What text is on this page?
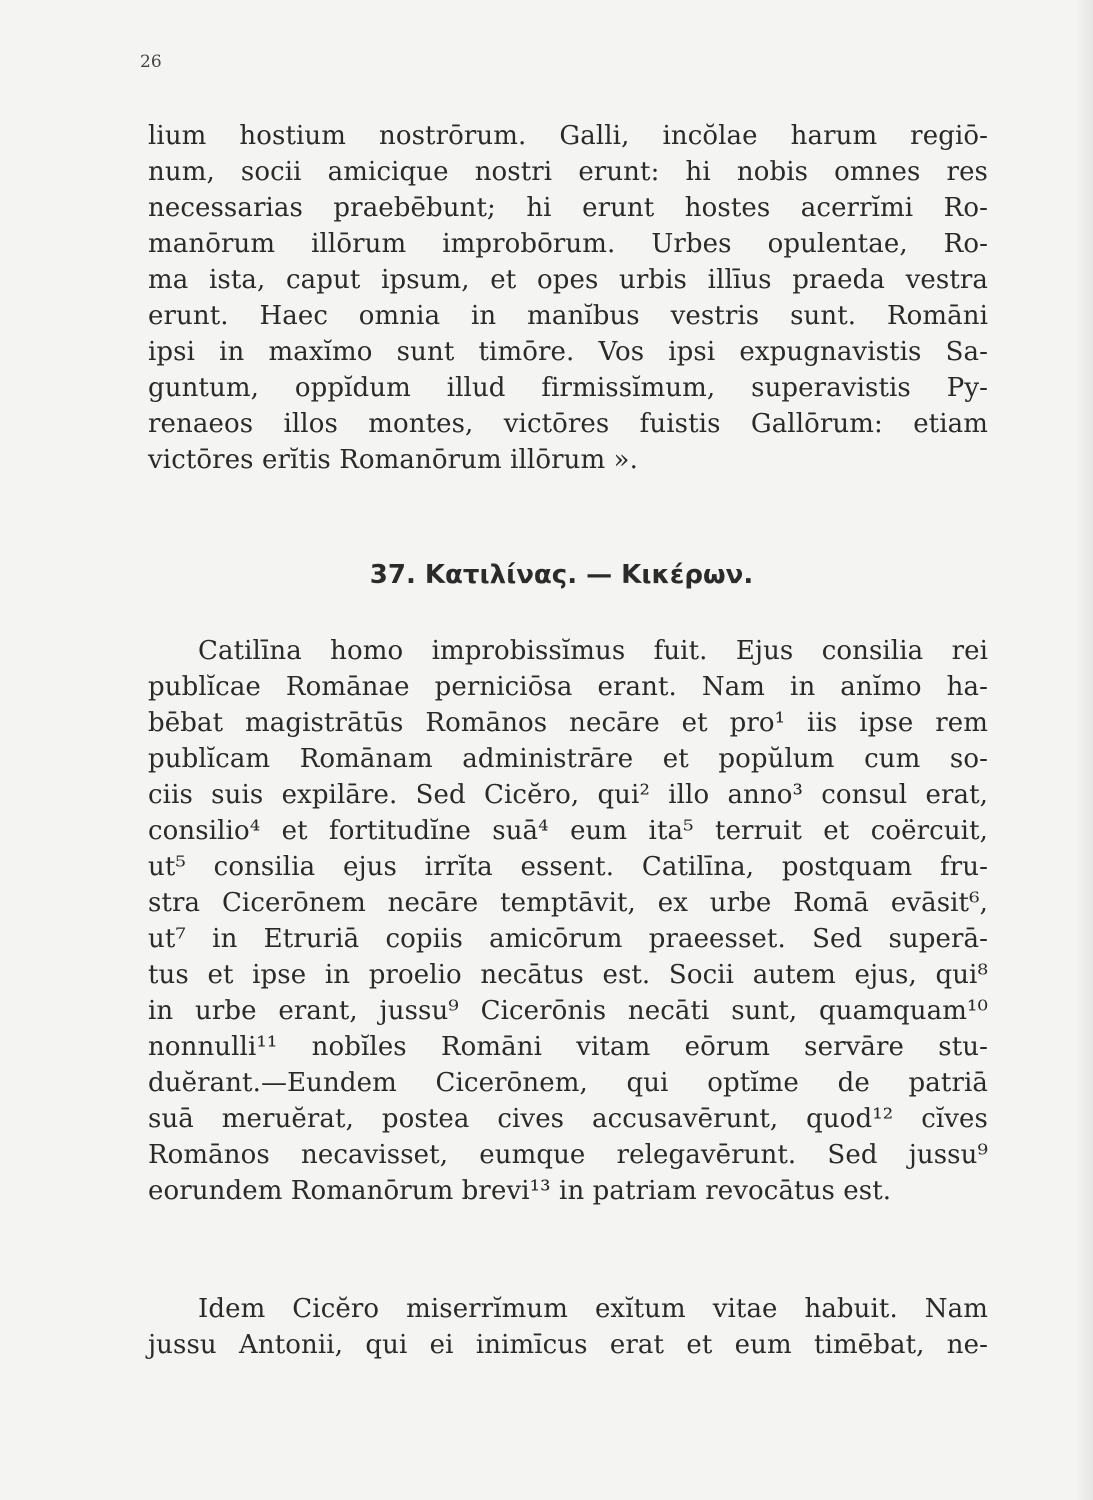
26
lium hostium nostrōrum. Galli, incŏlae harum regiō-
num, socii amicique nostri erunt: hi nobis omnes res
necessarias praebēbunt; hi erunt hostes acerrĭmi Ro-
manōrum illōrum improbōrum. Urbes opulentae, Ro-
ma ista, caput ipsum, et opes urbis illīus praeda vestra
erunt. Haec omnia in manĭbus vestris sunt. Romāni
ipsi in maxĭmo sunt timōre. Vos ipsi expugnavistis Sa-
guntum, oppĭdum illud firmissĭmum, superavistis Py-
renaeos illos montes, victōres fuistis Gallōrum: etiam
victōres erĭtis Romanōrum illōrum ».
37. Κατιλίνας. — Κικέρων.
Catilīna homo improbissĭmus fuit. Ejus consilia rei
publĭcae Romānae perniciōsa erant. Nam in anĭmo ha-
bēbat magistrātūs Romānos necāre et pro¹ iis ipse rem
publĭcam Romānam administrāre et popŭlum cum so-
ciis suis expilāre. Sed Cicĕro, qui² illo anno³ consul erat,
consilio⁴ et fortitudĭne suā⁴ eum ita⁵ terruit et coërcuit,
ut⁵ consilia ejus irrĭta essent. Catilīna, postquam fru-
stra Cicerōnem necāre temptāvit, ex urbe Romā evāsit⁶,
ut⁷ in Etruriā copiis amicōrum praeesset. Sed superā-
tus et ipse in proelio necātus est. Socii autem ejus, qui⁸
in urbe erant, jussu⁹ Cicerōnis necāti sunt, quamquam¹⁰
nonnulli¹¹ nobĭles Romāni vitam eōrum servāre stu-
duĕrant.—Eundem Cicerōnem, qui optĭme de patriā
suā meruĕrat, postea cives accusavērunt, quod¹² cĭves
Romānos necavisset, eumque relegavērunt. Sed jussu⁹
eorundem Romanōrum brevi¹³ in patriam revocātus est.
Idem Cicĕro miserrĭmum exĭtum vitae habuit. Nam
jussu Antonii, qui ei inimīcus erat et eum timēbat, ne-
